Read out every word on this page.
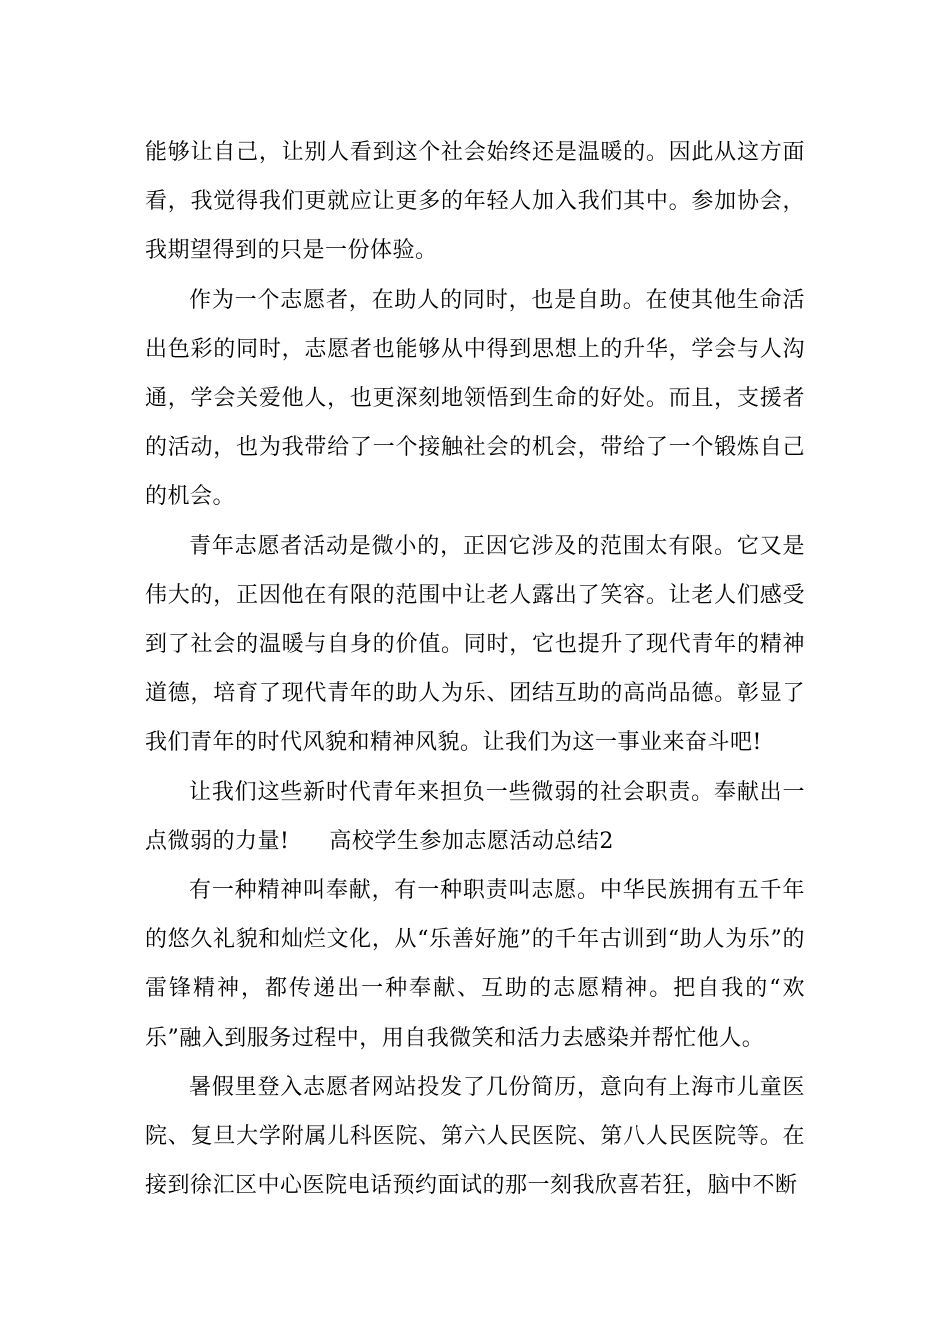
能够让自己，让别人看到这个社会始终还是温暖的。因此从这方面看，我觉得我们更就应让更多的年轻人加入我们其中。参加协会，我期望得到的只是一份体验。

作为一个志愿者，在助人的同时，也是自助。在使其他生命活出色彩的同时，志愿者也能够从中得到思想上的升华，学会与人沟通，学会关爱他人，也更深刻地领悟到生命的好处。而且，支援者的活动，也为我带给了一个接触社会的机会，带给了一个锻炼自己的机会。

青年志愿者活动是微小的，正因它涉及的范围太有限。它又是伟大的，正因他在有限的范围中让老人露出了笑容。让老人们感受到了社会的温暖与自身的价值。同时，它也提升了现代青年的精神道德，培育了现代青年的助人为乐、团结互助的高尚品德。彰显了我们青年的时代风貌和精神风貌。让我们为这一事业来奋斗吧!

让我们这些新时代青年来担负一些微弱的社会职责。奉献出一点微弱的力量! 高校学生参加志愿活动总结2

有一种精神叫奉献，有一种职责叫志愿。中华民族拥有五千年的悠久礼貌和灿烂文化，从“乐善好施”的千年古训到“助人为乐”的雷锋精神，都传递出一种奉献、互助的志愿精神。把自我的“欢乐”融入到服务过程中，用自我微笑和活力去感染并帮忙他人。

暑假里登入志愿者网站投发了几份简历，意向有上海市儿童医院、复旦大学附属儿科医院、第六人民医院、第八人民医院等。在接到徐汇区中心医院电话预约面试的那一刻我欣喜若狂，脑中不断
